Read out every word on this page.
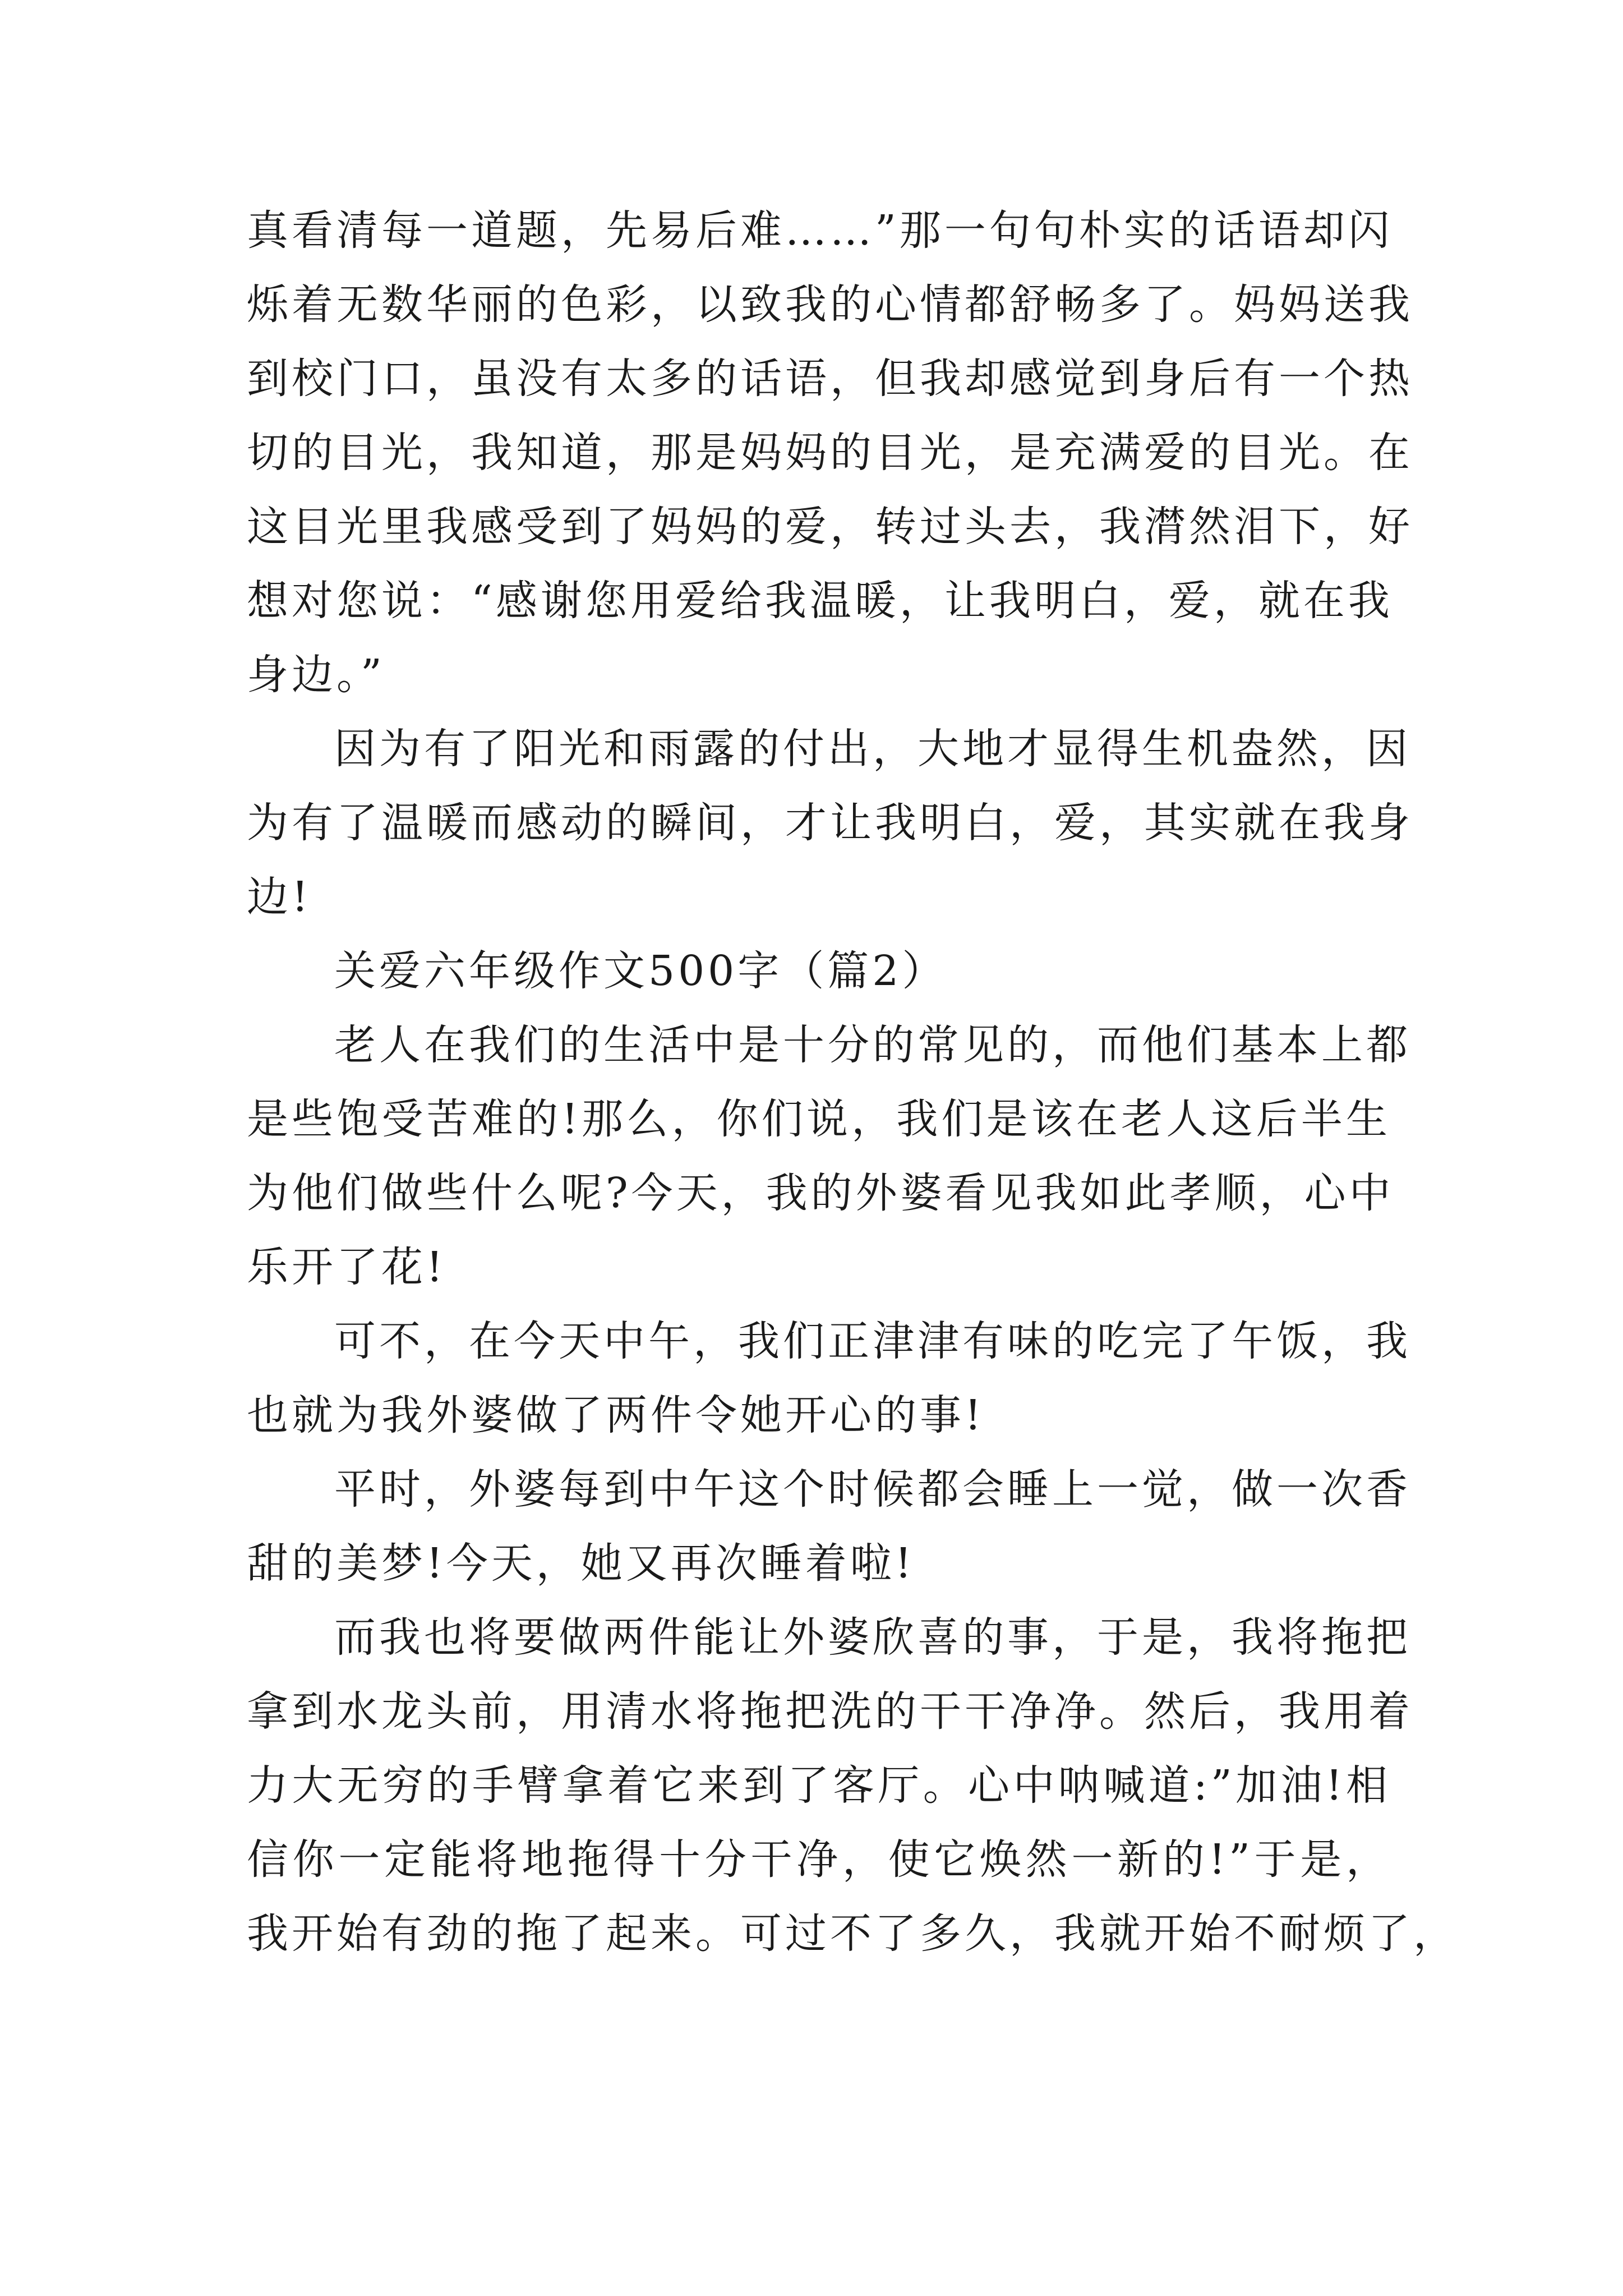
真看清每一道题，先易后难……”那一句句朴实的话语却闪
烁着无数华丽的色彩，以致我的心情都舒畅多了。妈妈送我
到校门口，虽没有太多的话语，但我却感觉到身后有一个热
切的目光，我知道，那是妈妈的目光，是充满爱的目光。在
这目光里我感受到了妈妈的爱，转过头去，我潸然泪下，好
想对您说：“感谢您用爱给我温暖，让我明白，爱，就在我
身边。”
因为有了阳光和雨露的付出，大地才显得生机盎然，因
为有了温暖而感动的瞬间，才让我明白，爱，其实就在我身
边!
关爱六年级作文500字（篇2）
老人在我们的生活中是十分的常见的，而他们基本上都
是些饱受苦难的!那么，你们说，我们是该在老人这后半生
为他们做些什么呢?今天，我的外婆看见我如此孝顺，心中
乐开了花!
可不，在今天中午，我们正津津有味的吃完了午饭，我
也就为我外婆做了两件令她开心的事!
平时，外婆每到中午这个时候都会睡上一觉，做一次香
甜的美梦!今天，她又再次睡着啦!
而我也将要做两件能让外婆欣喜的事，于是，我将拖把
拿到水龙头前，用清水将拖把洗的干干净净。然后，我用着
力大无穷的手臂拿着它来到了客厅。心中呐喊道:”加油!相
信你一定能将地拖得十分干净，使它焕然一新的!”于是，
我开始有劲的拖了起来。可过不了多久，我就开始不耐烦了，
